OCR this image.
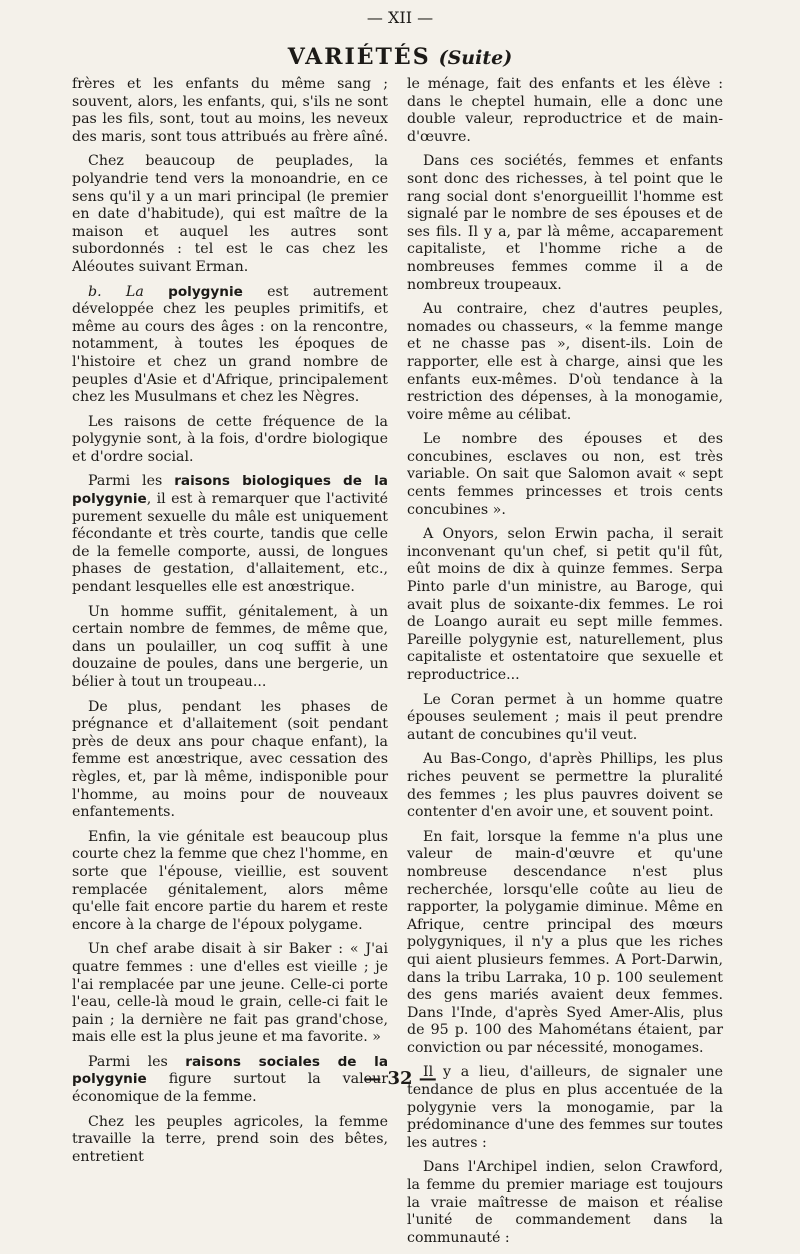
— XII —
VARIÉTÉS (Suite)

frères et les enfants du même sang ; souvent, alors, les enfants, qui, s'ils ne sont pas les fils, sont, tout au moins, les neveux des maris, sont tous attribués au frère aîné.

Chez beaucoup de peuplades, la polyandrie tend vers la monoandrie, en ce sens qu'il y a un mari principal (le premier en date d'habitude), qui est maître de la maison et auquel les autres sont subordonnés : tel est le cas chez les Aléoutes suivant Erman.

b. La polygynie est autrement développée chez les peuples primitifs, et même au cours des âges : on la rencontre, notamment, à toutes les époques de l'histoire et chez un grand nombre de peuples d'Asie et d'Afrique, principalement chez les Musulmans et chez les Nègres.

Les raisons de cette fréquence de la polygynie sont, à la fois, d'ordre biologique et d'ordre social.

Parmi les raisons biologiques de la polygynie, il est à remarquer que l'activité purement sexuelle du mâle est uniquement fécondante et très courte, tandis que celle de la femelle comporte, aussi, de longues phases de gestation, d'allaitement, etc., pendant lesquelles elle est anœstrique.

Un homme suffit, génitalement, à un certain nombre de femmes, de même que, dans un poulailler, un coq suffit à une douzaine de poules, dans une bergerie, un bélier à tout un troupeau...

De plus, pendant les phases de prégnance et d'allaitement (soit pendant près de deux ans pour chaque enfant), la femme est anœstrique, avec cessation des règles, et, par là même, indisponible pour l'homme, au moins pour de nouveaux enfantements.

Enfin, la vie génitale est beaucoup plus courte chez la femme que chez l'homme, en sorte que l'épouse, vieillie, est souvent remplacée génitalement, alors même qu'elle fait encore partie du harem et reste encore à la charge de l'époux polygame.

Un chef arabe disait à sir Baker : « J'ai quatre femmes : une d'elles est vieille ; je l'ai remplacée par une jeune. Celle-ci porte l'eau, celle-là moud le grain, celle-ci fait le pain ; la dernière ne fait pas grand'chose, mais elle est la plus jeune et ma favorite. »

Parmi les raisons sociales de la polygynie figure surtout la valeur économique de la femme.

Chez les peuples agricoles, la femme travaille la terre, prend soin des bêtes, entretient

le ménage, fait des enfants et les élève : dans le cheptel humain, elle a donc une double valeur, reproductrice et de main-d'œuvre.

Dans ces sociétés, femmes et enfants sont donc des richesses, à tel point que le rang social dont s'enorgueillit l'homme est signalé par le nombre de ses épouses et de ses fils. Il y a, par là même, accaparement capitaliste, et l'homme riche a de nombreuses femmes comme il a de nombreux troupeaux.

Au contraire, chez d'autres peuples, nomades ou chasseurs, « la femme mange et ne chasse pas », disent-ils. Loin de rapporter, elle est à charge, ainsi que les enfants eux-mêmes. D'où tendance à la restriction des dépenses, à la monogamie, voire même au célibat.

Le nombre des épouses et des concubines, esclaves ou non, est très variable. On sait que Salomon avait « sept cents femmes princesses et trois cents concubines ».

A Onyors, selon Erwin pacha, il serait inconvenant qu'un chef, si petit qu'il fût, eût moins de dix à quinze femmes. Serpa Pinto parle d'un ministre, au Baroge, qui avait plus de soixante-dix femmes. Le roi de Loango aurait eu sept mille femmes. Pareille polygynie est, naturellement, plus capitaliste et ostentatoire que sexuelle et reproductrice...

Le Coran permet à un homme quatre épouses seulement ; mais il peut prendre autant de concubines qu'il veut.

Au Bas-Congo, d'après Phillips, les plus riches peuvent se permettre la pluralité des femmes ; les plus pauvres doivent se contenter d'en avoir une, et souvent point.

En fait, lorsque la femme n'a plus une valeur de main-d'œuvre et qu'une nombreuse descendance n'est plus recherchée, lorsqu'elle coûte au lieu de rapporter, la polygamie diminue. Même en Afrique, centre principal des mœurs polygyniques, il n'y a plus que les riches qui aient plusieurs femmes. A Port-Darwin, dans la tribu Larraka, 10 p. 100 seulement des gens mariés avaient deux femmes. Dans l'Inde, d'après Syed Amer-Alis, plus de 95 p. 100 des Mahométans étaient, par conviction ou par nécessité, monogames.

Il y a lieu, d'ailleurs, de signaler une tendance de plus en plus accentuée de la polygynie vers la monogamie, par la prédominance d'une des femmes sur toutes les autres :

Dans l'Archipel indien, selon Crawford, la femme du premier mariage est toujours la vraie maîtresse de maison et réalise l'unité de commandement dans la communauté :

— 32 —
